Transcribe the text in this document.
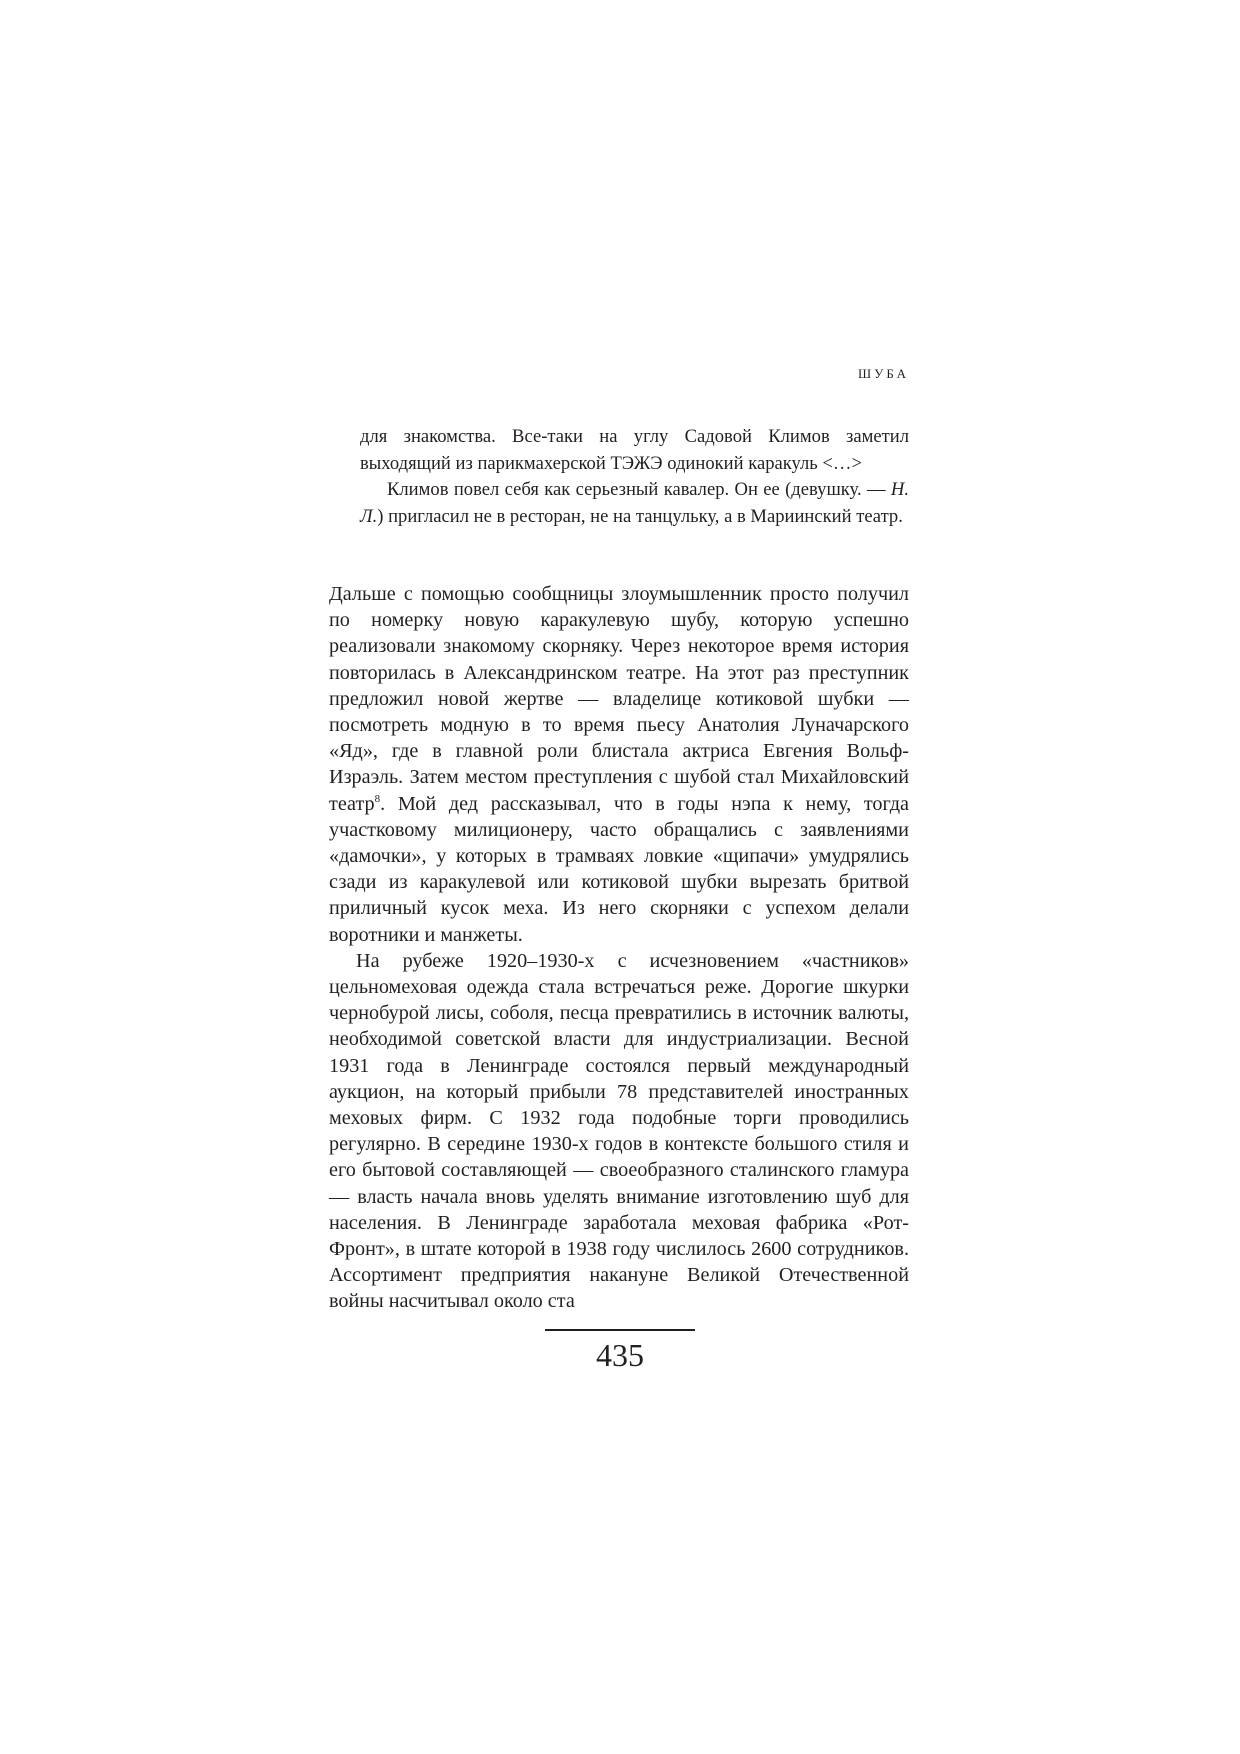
ШУБА

для знакомства. Все-таки на углу Садовой Климов заметил выходящий из парикмахерской ТЭЖЭ одинокий каракуль <…>

Климов повел себя как серьезный кавалер. Он ее (девушку. — Н. Л.) пригласил не в ресторан, не на танцульку, а в Мариинский театр.

Дальше с помощью сообщницы злоумышленник просто получил по номерку новую каракулевую шубу, которую успешно реализовали знакомому скорняку. Через некоторое время история повторилась в Александринском театре. На этот раз преступник предложил новой жертве — владелице котиковой шубки — посмотреть модную в то время пьесу Анатолия Луначарского «Яд», где в главной роли блистала актриса Евгения Вольф-Израэль. Затем местом преступления с шубой стал Михайловский театр$^8$. Мой дед рассказывал, что в годы нэпа к нему, тогда участковому милиционеру, часто обращались с заявлениями «дамочки», у которых в трамваях ловкие «щипачи» умудрялись сзади из каракулевой или котиковой шубки вырезать бритвой приличный кусок меха. Из него скорняки с успехом делали воротники и манжеты.

На рубеже 1920–1930-х с исчезновением «частников» цельномеховая одежда стала встречаться реже. Дорогие шкурки чернобурой лисы, соболя, песца превратились в источник валюты, необходимой советской власти для индустриализации. Весной 1931 года в Ленинграде состоялся первый международный аукцион, на который прибыли 78 представителей иностранных меховых фирм. С 1932 года подобные торги проводились регулярно. В середине 1930-х годов в контексте большого стиля и его бытовой составляющей — своеобразного сталинского гламура — власть начала вновь уделять внимание изготовлению шуб для населения. В Ленинграде заработала меховая фабрика «Рот-Фронт», в штате которой в 1938 году числилось 2600 сотрудников. Ассортимент предприятия накануне Великой Отечественной войны насчитывал около ста

435
